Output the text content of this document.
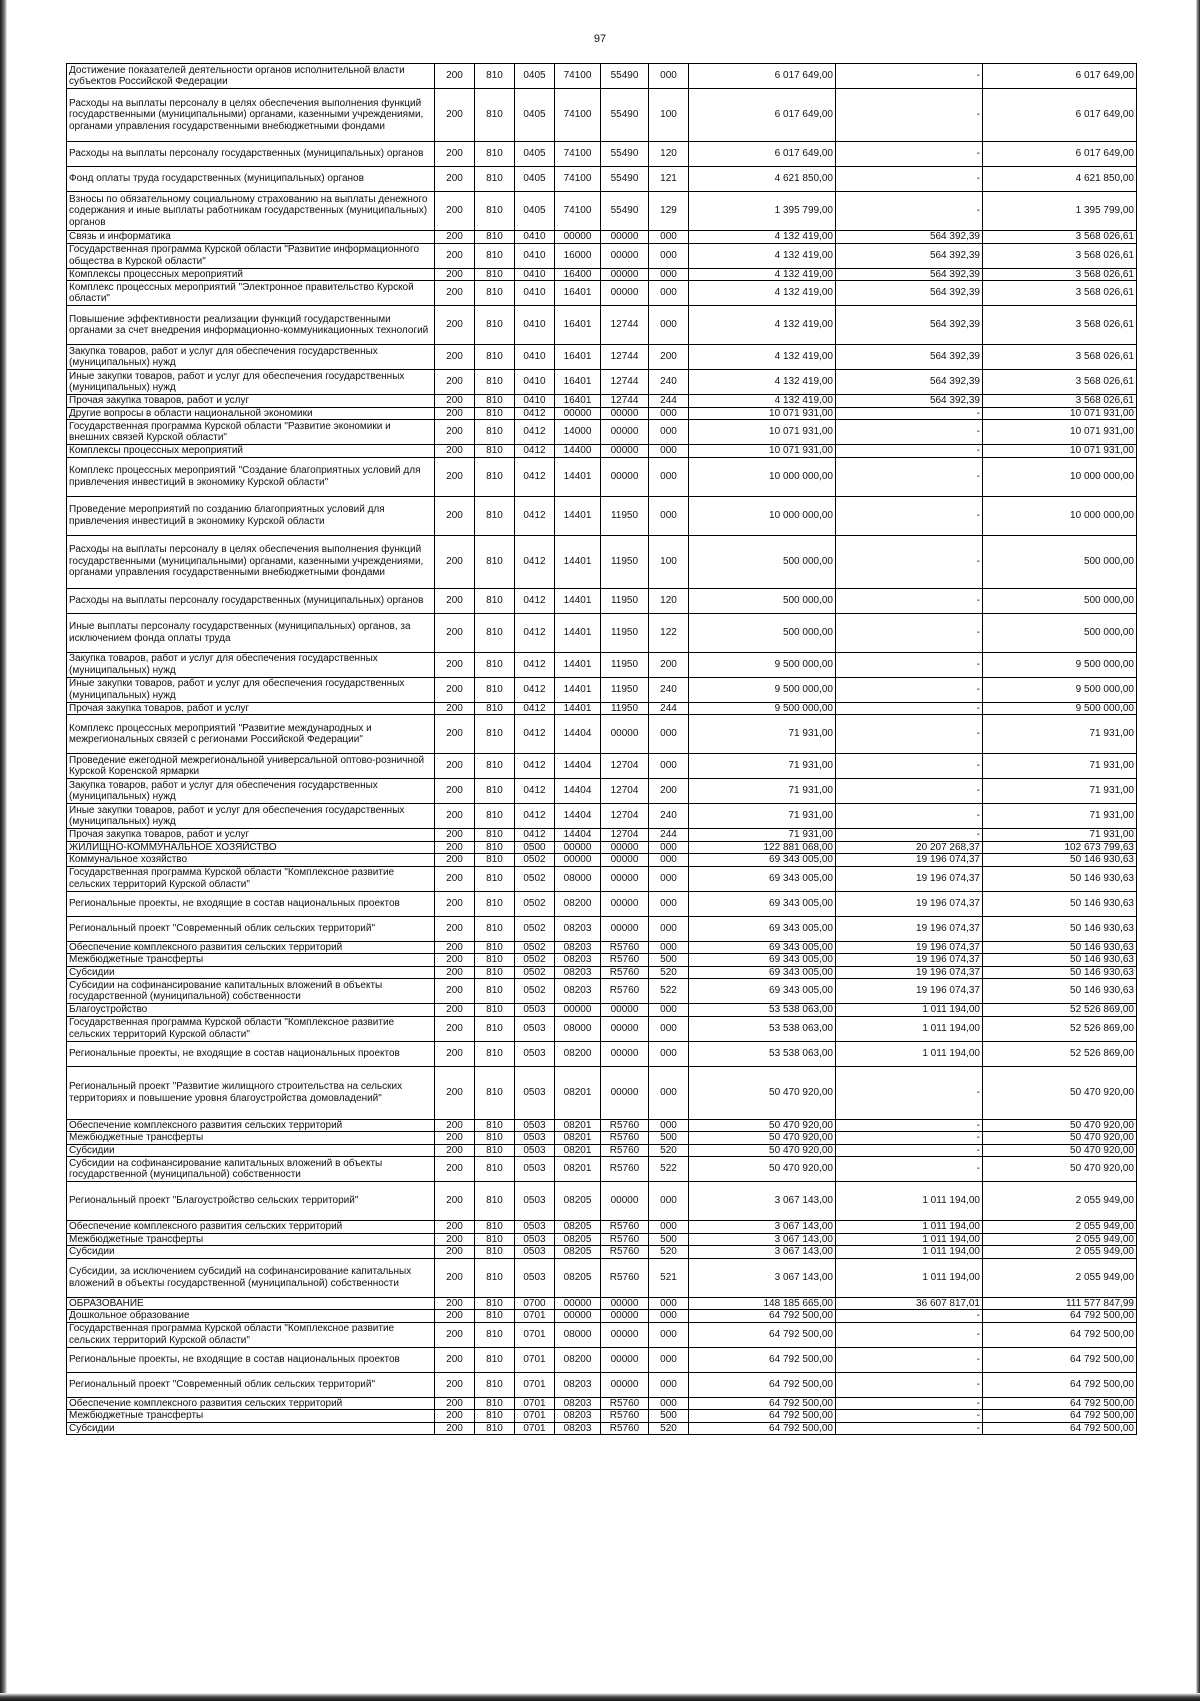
97
Достижение показателей деятельности органов исполнительной власти субъектов Российской Федерации	200	810	0405	74100	55490	000	6 017 649,00	-	6 017 649,00
Расходы на выплаты персоналу в целях обеспечения выполнения функций государственными (муниципальными) органами, казенными учреждениями, органами управления государственными внебюджетными фондами	200	810	0405	74100	55490	100	6 017 649,00	-	6 017 649,00
Расходы на выплаты персоналу государственных (муниципальных) органов	200	810	0405	74100	55490	120	6 017 649,00	-	6 017 649,00
Фонд оплаты труда государственных (муниципальных) органов	200	810	0405	74100	55490	121	4 621 850,00	-	4 621 850,00
Взносы по обязательному социальному страхованию на выплаты денежного содержания и иные выплаты работникам государственных (муниципальных) органов	200	810	0405	74100	55490	129	1 395 799,00	-	1 395 799,00
Связь и информатика	200	810	0410	00000	00000	000	4 132 419,00	564 392,39	3 568 026,61
Государственная программа Курской области "Развитие информационного общества в Курской области"	200	810	0410	16000	00000	000	4 132 419,00	564 392,39	3 568 026,61
Комплексы процессных мероприятий	200	810	0410	16400	00000	000	4 132 419,00	564 392,39	3 568 026,61
Комплекс процессных мероприятий "Электронное правительство Курской области"	200	810	0410	16401	00000	000	4 132 419,00	564 392,39	3 568 026,61
Повышение эффективности реализации функций государственными органами за счет внедрения информационно-коммуникационных технологий	200	810	0410	16401	12744	000	4 132 419,00	564 392,39	3 568 026,61
Закупка товаров, работ и услуг для обеспечения государственных (муниципальных) нужд	200	810	0410	16401	12744	200	4 132 419,00	564 392,39	3 568 026,61
Иные закупки товаров, работ и услуг для обеспечения государственных (муниципальных) нужд	200	810	0410	16401	12744	240	4 132 419,00	564 392,39	3 568 026,61
Прочая закупка товаров, работ и услуг	200	810	0410	16401	12744	244	4 132 419,00	564 392,39	3 568 026,61
Другие вопросы в области национальной экономики	200	810	0412	00000	00000	000	10 071 931,00	-	10 071 931,00
Государственная программа Курской области "Развитие экономики и внешних связей Курской области"	200	810	0412	14000	00000	000	10 071 931,00	-	10 071 931,00
Комплексы процессных мероприятий	200	810	0412	14400	00000	000	10 071 931,00	-	10 071 931,00
Комплекс процессных мероприятий "Создание благоприятных условий для привлечения инвестиций в экономику Курской области"	200	810	0412	14401	00000	000	10 000 000,00	-	10 000 000,00
Проведение мероприятий по созданию благоприятных условий для привлечения инвестиций в экономику Курской области	200	810	0412	14401	11950	000	10 000 000,00	-	10 000 000,00
Расходы на выплаты персоналу в целях обеспечения выполнения функций государственными (муниципальными) органами, казенными учреждениями, органами управления государственными внебюджетными фондами	200	810	0412	14401	11950	100	500 000,00	-	500 000,00
Расходы на выплаты персоналу государственных (муниципальных) органов	200	810	0412	14401	11950	120	500 000,00	-	500 000,00
Иные выплаты персоналу государственных (муниципальных) органов, за исключением фонда оплаты труда	200	810	0412	14401	11950	122	500 000,00	-	500 000,00
Закупка товаров, работ и услуг для обеспечения государственных (муниципальных) нужд	200	810	0412	14401	11950	200	9 500 000,00	-	9 500 000,00
Иные закупки товаров, работ и услуг для обеспечения государственных (муниципальных) нужд	200	810	0412	14401	11950	240	9 500 000,00	-	9 500 000,00
Прочая закупка товаров, работ и услуг	200	810	0412	14401	11950	244	9 500 000,00	-	9 500 000,00
Комплекс процессных мероприятий "Развитие международных и межрегиональных связей с регионами Российской Федерации"	200	810	0412	14404	00000	000	71 931,00	-	71 931,00
Проведение ежегодной межрегиональной универсальной оптово-розничной Курской Коренской ярмарки	200	810	0412	14404	12704	000	71 931,00	-	71 931,00
Закупка товаров, работ и услуг для обеспечения государственных (муниципальных) нужд	200	810	0412	14404	12704	200	71 931,00	-	71 931,00
Иные закупки товаров, работ и услуг для обеспечения государственных (муниципальных) нужд	200	810	0412	14404	12704	240	71 931,00	-	71 931,00
Прочая закупка товаров, работ и услуг	200	810	0412	14404	12704	244	71 931,00	-	71 931,00
ЖИЛИЩНО-КОММУНАЛЬНОЕ ХОЗЯЙСТВО	200	810	0500	00000	00000	000	122 881 068,00	20 207 268,37	102 673 799,63
Коммунальное хозяйство	200	810	0502	00000	00000	000	69 343 005,00	19 196 074,37	50 146 930,63
Государственная программа Курской области "Комплексное развитие сельских территорий Курской области"	200	810	0502	08000	00000	000	69 343 005,00	19 196 074,37	50 146 930,63
Региональные проекты, не входящие в состав национальных проектов	200	810	0502	08200	00000	000	69 343 005,00	19 196 074,37	50 146 930,63
Региональный проект "Современный облик сельских территорий"	200	810	0502	08203	00000	000	69 343 005,00	19 196 074,37	50 146 930,63
Обеспечение комплексного развития сельских территорий	200	810	0502	08203	R5760	000	69 343 005,00	19 196 074,37	50 146 930,63
Межбюджетные трансферты	200	810	0502	08203	R5760	500	69 343 005,00	19 196 074,37	50 146 930,63
Субсидии	200	810	0502	08203	R5760	520	69 343 005,00	19 196 074,37	50 146 930,63
Субсидии на софинансирование капитальных вложений в объекты государственной (муниципальной) собственности	200	810	0502	08203	R5760	522	69 343 005,00	19 196 074,37	50 146 930,63
Благоустройство	200	810	0503	00000	00000	000	53 538 063,00	1 011 194,00	52 526 869,00
Государственная программа Курской области "Комплексное развитие сельских территорий Курской области"	200	810	0503	08000	00000	000	53 538 063,00	1 011 194,00	52 526 869,00
Региональные проекты, не входящие в состав национальных проектов	200	810	0503	08200	00000	000	53 538 063,00	1 011 194,00	52 526 869,00
Региональный проект "Развитие жилищного строительства на сельских территориях и повышение уровня благоустройства домовладений"	200	810	0503	08201	00000	000	50 470 920,00	-	50 470 920,00
Обеспечение комплексного развития сельских территорий	200	810	0503	08201	R5760	000	50 470 920,00	-	50 470 920,00
Межбюджетные трансферты	200	810	0503	08201	R5760	500	50 470 920,00	-	50 470 920,00
Субсидии	200	810	0503	08201	R5760	520	50 470 920,00	-	50 470 920,00
Субсидии на софинансирование капитальных вложений в объекты государственной (муниципальной) собственности	200	810	0503	08201	R5760	522	50 470 920,00	-	50 470 920,00
Региональный проект "Благоустройство сельских территорий"	200	810	0503	08205	00000	000	3 067 143,00	1 011 194,00	2 055 949,00
Обеспечение комплексного развития сельских территорий	200	810	0503	08205	R5760	000	3 067 143,00	1 011 194,00	2 055 949,00
Межбюджетные трансферты	200	810	0503	08205	R5760	500	3 067 143,00	1 011 194,00	2 055 949,00
Субсидии	200	810	0503	08205	R5760	520	3 067 143,00	1 011 194,00	2 055 949,00
Субсидии, за исключением субсидий на софинансирование капитальных вложений в объекты государственной (муниципальной) собственности	200	810	0503	08205	R5760	521	3 067 143,00	1 011 194,00	2 055 949,00
ОБРАЗОВАНИЕ	200	810	0700	00000	00000	000	148 185 665,00	36 607 817,01	111 577 847,99
Дошкольное образование	200	810	0701	00000	00000	000	64 792 500,00	-	64 792 500,00
Государственная программа Курской области "Комплексное развитие сельских территорий Курской области"	200	810	0701	08000	00000	000	64 792 500,00	-	64 792 500,00
Региональные проекты, не входящие в состав национальных проектов	200	810	0701	08200	00000	000	64 792 500,00	-	64 792 500,00
Региональный проект "Современный облик сельских территорий"	200	810	0701	08203	00000	000	64 792 500,00	-	64 792 500,00
Обеспечение комплексного развития сельских территорий	200	810	0701	08203	R5760	000	64 792 500,00	-	64 792 500,00
Межбюджетные трансферты	200	810	0701	08203	R5760	500	64 792 500,00	-	64 792 500,00
Субсидии	200	810	0701	08203	R5760	520	64 792 500,00	-	64 792 500,00
